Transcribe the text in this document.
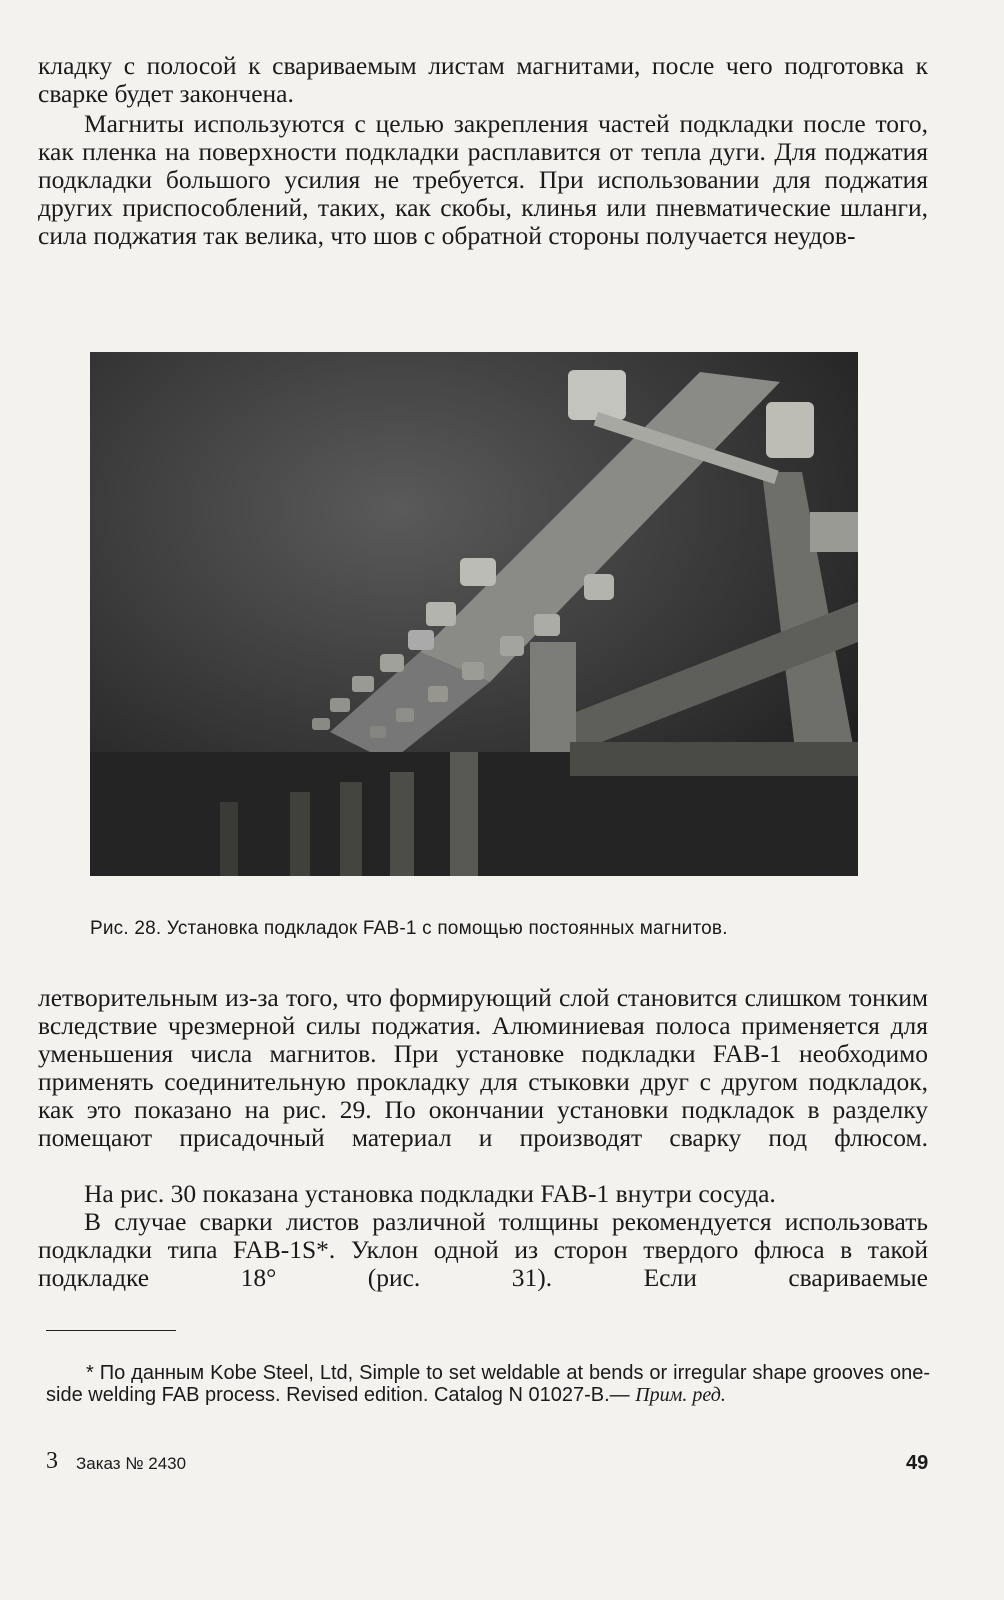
кладку с полосой к свариваемым листам магнитами, после чего подготовка к сварке будет закончена.

Магниты используются с целью закрепления частей подкладки после того, как пленка на поверхности подкладки расплавится от тепла дуги. Для поджатия подкладки большого усилия не требуется. При использовании для поджатия других приспособлений, таких, как скобы, клинья или пневматические шланги, сила поджатия так велика, что шов с обратной стороны получается неудов-

Рис. 28. Установка подкладок FAB-1 с помощью постоянных магнитов.

летворительным из-за того, что формирующий слой становится слишком тонким вследствие чрезмерной силы поджатия. Алюминиевая полоса применяется для уменьшения числа магнитов. При установке подкладки FAB-1 необходимо применять соединительную прокладку для стыковки друг с другом подкладок, как это показано на рис. 29. По окончании установки подкладок в разделку помещают присадочный материал и производят сварку под флюсом.

На рис. 30 показана установка подкладки FAB-1 внутри сосуда.

В случае сварки листов различной толщины рекомендуется использовать подкладки типа FAB-1S*. Уклон одной из сторон твердого флюса в такой подкладке 18° (рис. 31). Если свариваемые

* По данным Kobe Steel, Ltd, Simple to set weldable at bends or irregular shape grooves one-side welding FAB process. Revised edition. Catalog N 01027-B.— Прим. ред.

3 Заказ № 2430	49
